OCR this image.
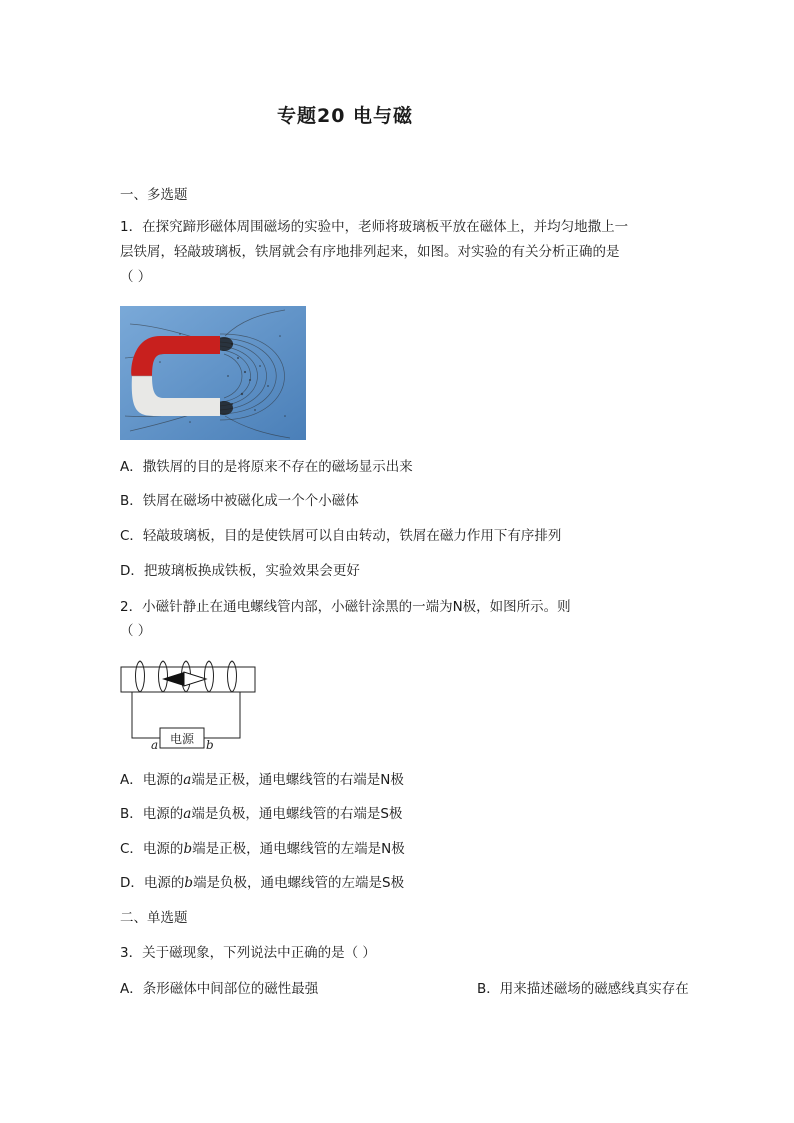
专题20 电与磁
一、多选题
1．在探究蹄形磁体周围磁场的实验中，老师将玻璃板平放在磁体上，并均匀地撒上一
层铁屑，轻敲玻璃板，铁屑就会有序地排列起来，如图。对实验的有关分析正确的是
（ ）
A．撒铁屑的目的是将原来不存在的磁场显示出来
B．铁屑在磁场中被磁化成一个个小磁体
C．轻敲玻璃板，目的是使铁屑可以自由转动，铁屑在磁力作用下有序排列
D．把玻璃板换成铁板，实验效果会更好
2．小磁针静止在通电螺线管内部，小磁针涂黑的一端为N极，如图所示。则
（ ）
电源
a	b
A．电源的a端是正极，通电螺线管的右端是N极
B．电源的a端是负极，通电螺线管的右端是S极
C．电源的b端是正极，通电螺线管的左端是N极
D．电源的b端是负极，通电螺线管的左端是S极
二、单选题
3．关于磁现象，下列说法中正确的是（ ）
A．条形磁体中间部位的磁性最强	B．用来描述磁场的磁感线真实存在
